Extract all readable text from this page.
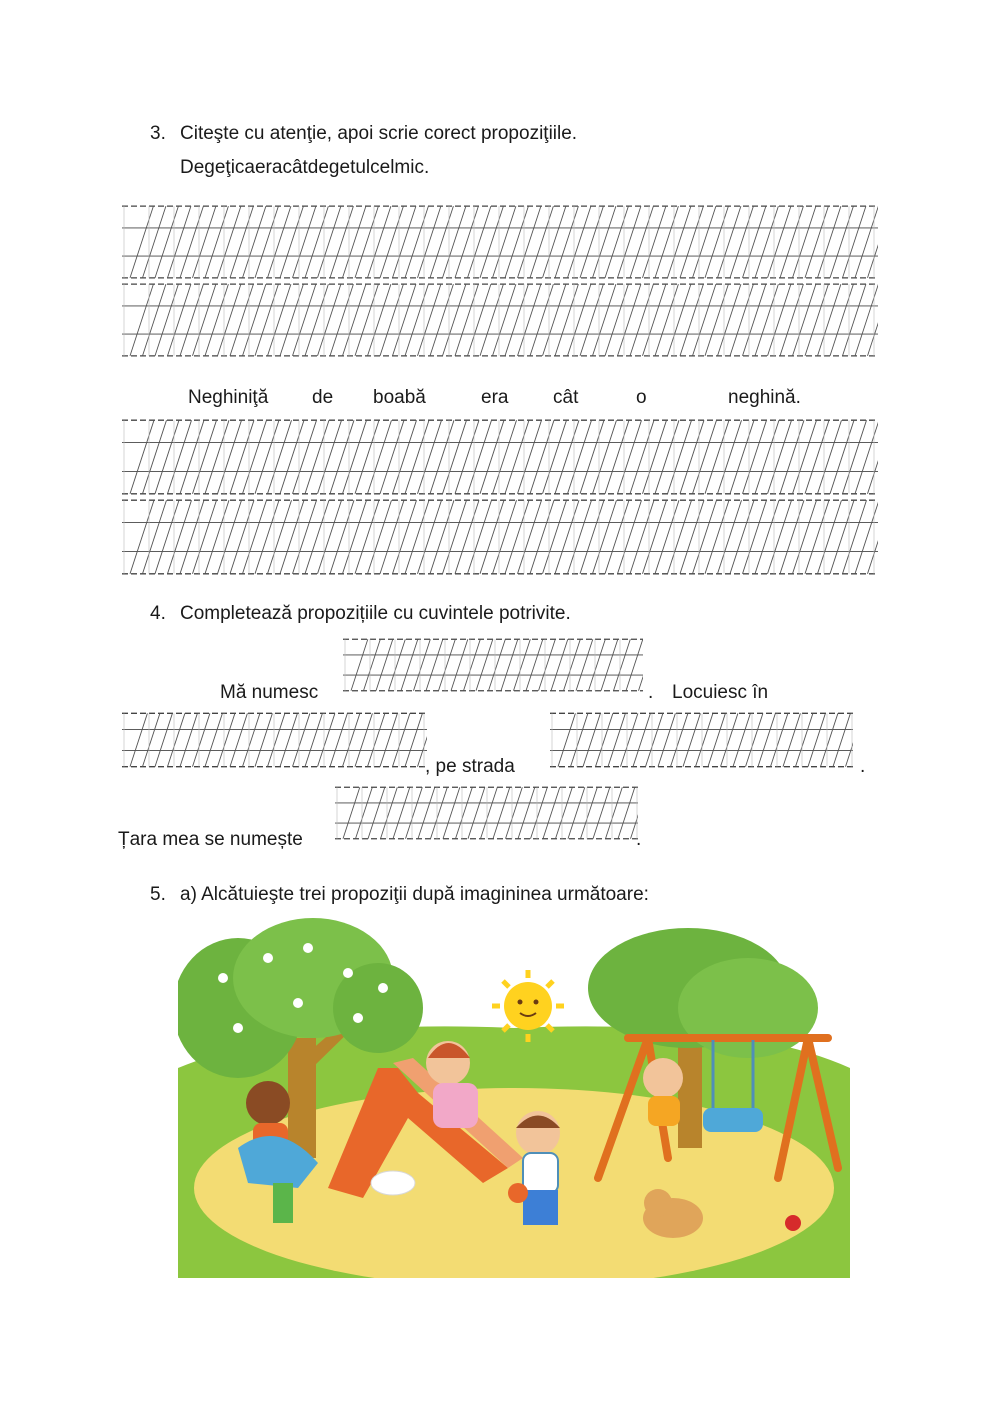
3. Citeşte cu atenţie, apoi scrie corect propoziţiile.
Degeţicaeracâtdegetulcelmic.
Neghiniţă de boabă	era cât	o	neghină.
4. Completează propozițiile cu cuvintele potrivite.
Mă numesc	. Locuiesc în
, pe strada	.
Țara mea se numește	.
5. a) Alcătuieşte trei propoziţii după imagininea următoare:
